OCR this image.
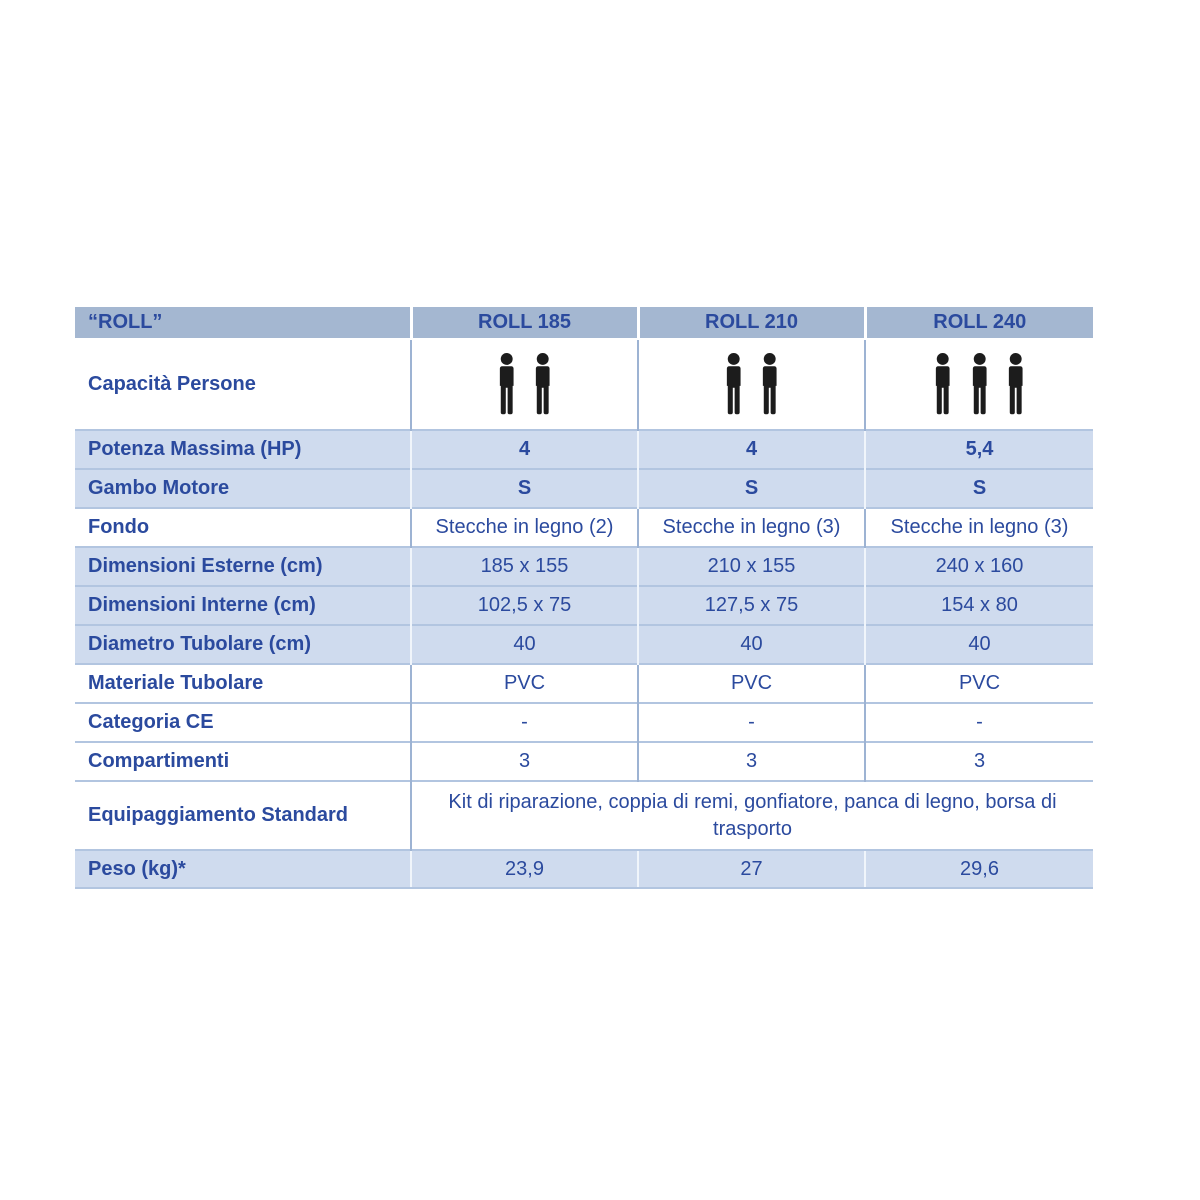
“ROLL”	ROLL 185	ROLL 210	ROLL 240
Capacità Persone	

Potenza Massima (HP)	4	4	5,4
Gambo Motore	S	S	S
Fondo	Stecche in legno (2)	Stecche in legno (3)	Stecche in legno (3)
Dimensioni Esterne (cm)	185 x 155	210 x 155	240 x 160
Dimensioni Interne (cm)	102,5 x 75	127,5 x 75	154 x 80
Diametro Tubolare (cm)	40	40	40
Materiale Tubolare	PVC	PVC	PVC
Categoria CE	-	-	-
Compartimenti	3	3	3
Equipaggiamento Standard	Kit di riparazione, coppia di remi, gonfiatore, panca di legno, borsa di trasporto		

Peso (kg)*	23,9	27	29,6
